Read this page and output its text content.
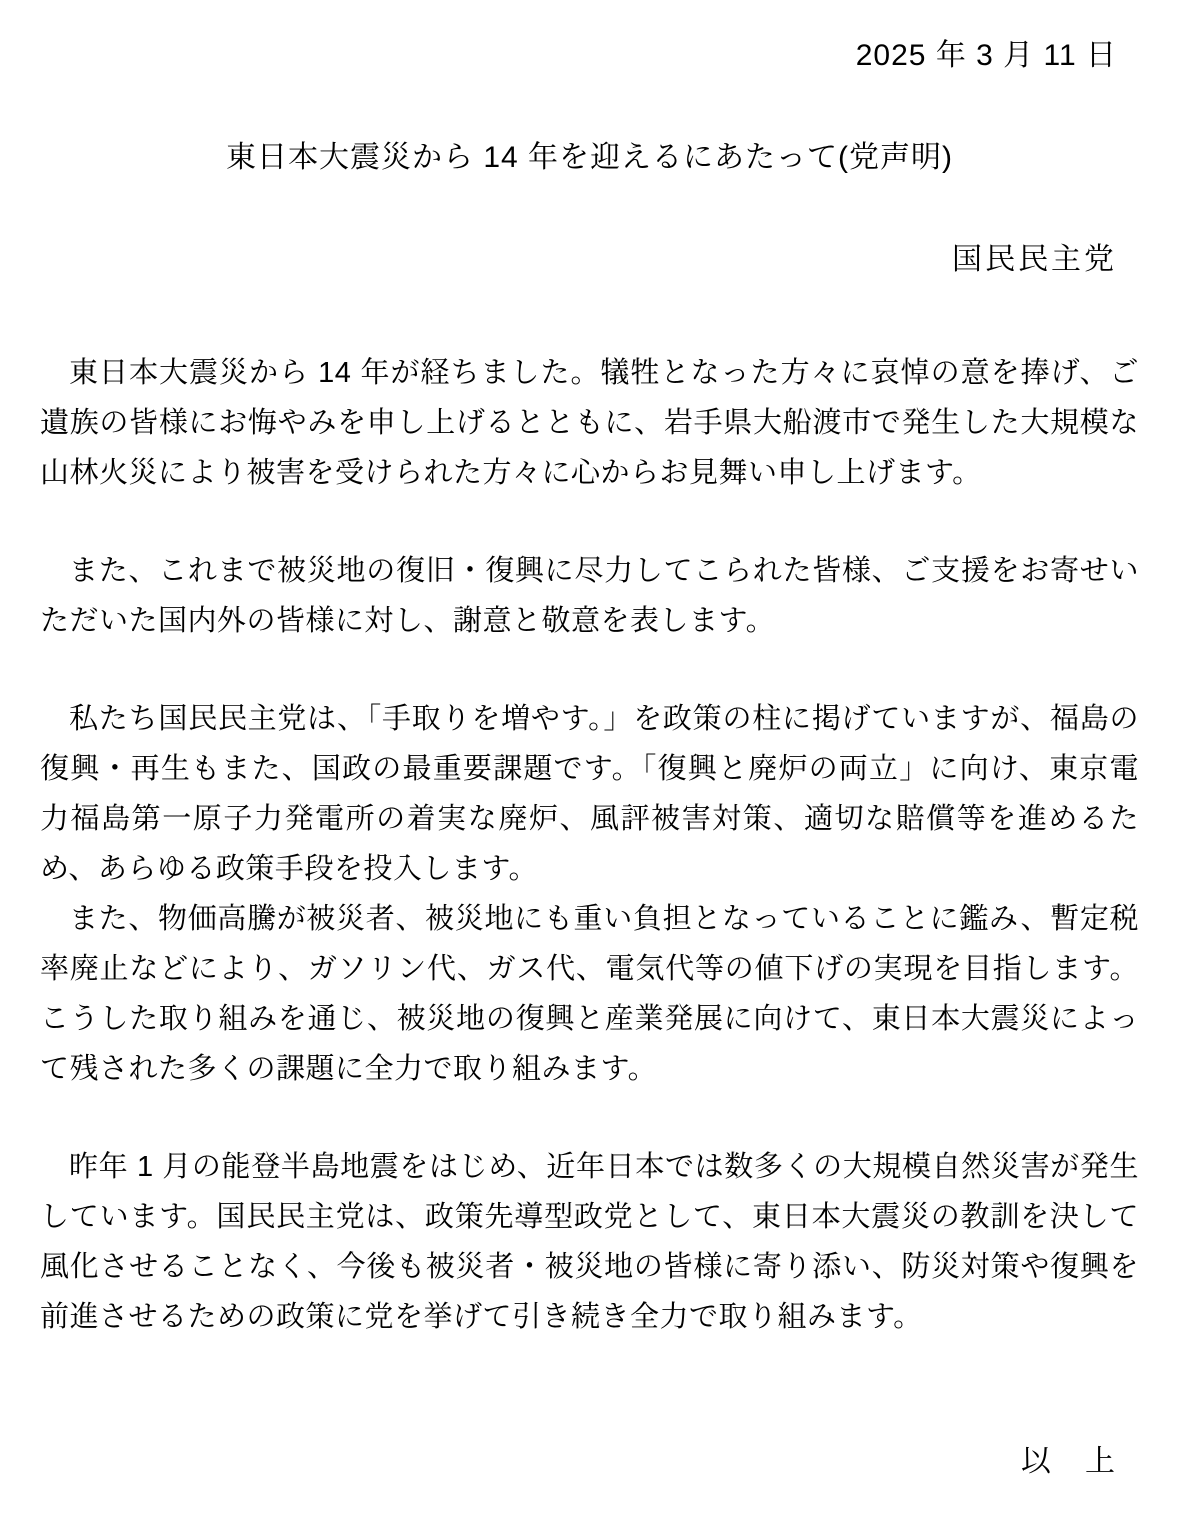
2025 年 3 月 11 日
東日本大震災から 14 年を迎えるにあたって(党声明)
国民民主党

東日本大震災から 14 年が経ちました。犠牲となった方々に哀悼の意を捧げ、ご遺族の皆様にお悔やみを申し上げるとともに、岩手県大船渡市で発生した大規模な山林火災により被害を受けられた方々に心からお見舞い申し上げます。

また、これまで被災地の復旧・復興に尽力してこられた皆様、ご支援をお寄せいただいた国内外の皆様に対し、謝意と敬意を表します。

私たち国民民主党は、「手取りを増やす。」を政策の柱に掲げていますが、福島の復興・再生もまた、国政の最重要課題です。「復興と廃炉の両立」に向け、東京電力福島第一原子力発電所の着実な廃炉、風評被害対策、適切な賠償等を進めるため、あらゆる政策手段を投入します。

また、物価高騰が被災者、被災地にも重い負担となっていることに鑑み、暫定税率廃止などにより、ガソリン代、ガス代、電気代等の値下げの実現を目指します。こうした取り組みを通じ、被災地の復興と産業発展に向けて、東日本大震災によって残された多くの課題に全力で取り組みます。

昨年 1 月の能登半島地震をはじめ、近年日本では数多くの大規模自然災害が発生しています。国民民主党は、政策先導型政党として、東日本大震災の教訓を決して風化させることなく、今後も被災者・被災地の皆様に寄り添い、防災対策や復興を前進させるための政策に党を挙げて引き続き全力で取り組みます。

以　上
